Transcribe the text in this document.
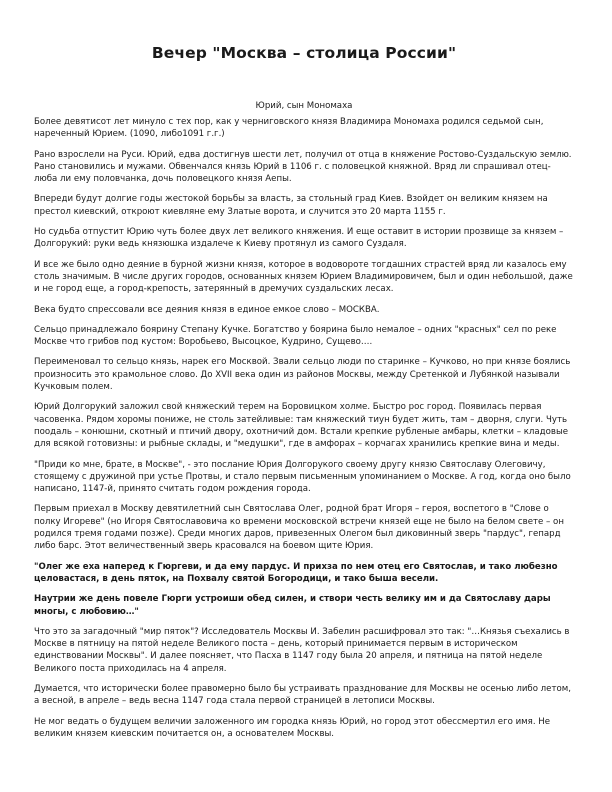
Вечер "Москва – столица России"
Юрий, сын Мономаха

Более девятисот лет минуло с тех пор, как у черниговского князя Владимира Мономаха родился седьмой сын, нареченный Юрием. (1090, либо1091 г.г.)

Рано взрослели на Руси. Юрий, едва достигнув шести лет, получил от отца в княжение Ростово-Суздальскую землю. Рано становились и мужами. Обвенчался князь Юрий в 1106 г. с половецкой княжной. Вряд ли спрашивал отец-люба ли ему половчанка, дочь половецкого князя Аепы.

Впереди будут долгие годы жестокой борьбы за власть, за стольный град Киев. Взойдет он великим князем на престол киевский, откроют киевляне ему Златые ворота, и случится это 20 марта 1155 г.

Но судьба отпустит Юрию чуть более двух лет великого княжения. И еще оставит в истории прозвище за князем – Долгорукий: руки ведь князюшка издалече к Киеву протянул из самого Суздаля.

И все же было одно деяние в бурной жизни князя, которое в водовороте тогдашних страстей вряд ли казалось ему столь значимым. В числе других городов, основанных князем Юрием Владимировичем, был и один небольшой, даже и не город еще, а город-крепость, затерянный в дремучих суздальских лесах.

Века будто спрессовали все деяния князя в единое емкое слово – МОСКВА.

Сельцо принадлежало боярину Степану Кучке. Богатство у боярина было немалое – одних "красных" сел по реке Москве что грибов под кустом: Воробьево, Высоцкое, Кудрино, Сущево….

Переименовал то сельцо князь, нарек его Москвой. Звали сельцо люди по старинке – Кучково, но при князе боялись произносить это крамольное слово. До XVII века один из районов Москвы, между Сретенкой и Лубянкой называли Кучковым полем.

Юрий Долгорукий заложил свой княжеский терем на Боровицком холме. Быстро рос город. Появилась первая часовенка. Рядом хоромы пониже, не столь затейливые: там княжеский тиун будет жить, там – дворня, слуги. Чуть поодаль – конюшни, скотный и птичий двору, охотничий дом. Встали крепкие рубленые амбары, клетки – кладовые для всякой готовизны: и рыбные склады, и "медушки", где в амфорах – корчагах хранились крепкие вина и меды.

"Приди ко мне, брате, в Москве", - это послание Юрия Долгорукого своему другу князю Святославу Олеговичу, стоящему с дружиной при устье Протвы, и стало первым письменным упоминанием о Москве. А год, когда оно было написано, 1147-й, принято считать годом рождения города.

Первым приехал в Москву девятилетний сын Святослава Олег, родной брат Игоря – героя, воспетого в "Слове о полку Игореве" (но Игоря Святославовича ко времени московской встречи князей еще не было на белом свете – он родился тремя годами позже). Среди многих даров, привезенных Олегом был диковинный зверь "пардус", гепард либо барс. Этот величественный зверь красовался на боевом щите Юрия.

"Олег же еха наперед к Гюргеви, и да ему пардус. И прихза по нем отец его Святослав, и тако любезно целовастася, в день пяток, на Похвалу святой Богородици, и тако быша весели.

Наутрии же день повеле Гюрги устроиши обед силен, и створи честь велику им и да Святославу дары многы, с любовию…"

Что это за загадочный "мир пяток"? Исследователь Москвы И. Забелин расшифровал это так: "…Князья съехались в Москве в пятницу на пятой неделе Великого поста – день, который принимается первым в историческом единствовании Москвы". И далее поясняет, что Пасха в 1147 году была 20 апреля, и пятница на пятой неделе Великого поста приходилась на 4 апреля.

Думается, что исторически более правомерно было бы устраивать празднование для Москвы не осенью либо летом, а весной, в апреле – ведь весна 1147 года стала первой страницей в летописи Москвы.

Не мог ведать о будущем величии заложенного им городка князь Юрий, но город этот обессмертил его имя. Не великим князем киевским почитается он, а основателем Москвы.
